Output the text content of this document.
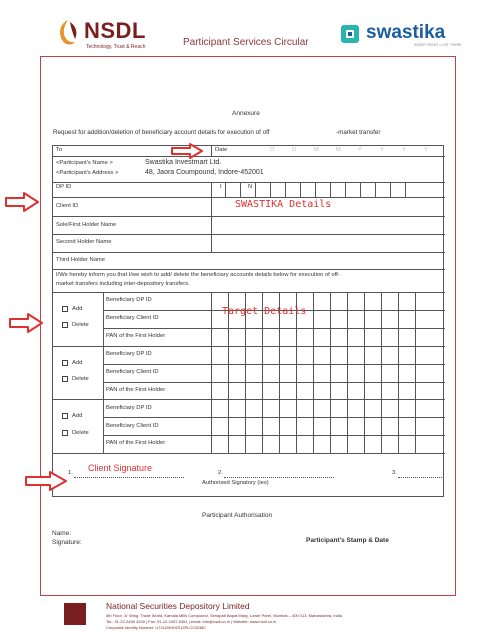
NSDL
Technology, Trust & Reach	Participant Services Circular	swastika
INVEST RIGHT • LIST THERE
Annexure
Request for addition/deletion of beneficiary account details for execution of off	-market transfer
To	Date	D	D	M	M	Y	Y	Y	Y
<Participant's Name >	Swastika Investmart Ltd.
<Participant's Address >	48, Jaora Coumpound, Indore-452001
DP ID	I	N
Client ID
Sole/First Holder Name
Second Holder Name
Third Holder Name
I/We hereby inform you that I/we wish to add/ delete the beneficiary accounts details below for execution of off-
market transfers including inter-depository transfers.
Add
Delete
Beneficiary DP ID
Beneficiary Client ID
PAN of the First Holder
Add
Delete
Beneficiary DP ID
Beneficiary Client ID
PAN of the First Holder
Add
Delete
Beneficiary DP ID
Beneficiary Client ID
PAN of the First Holder
1.	2.	3.
Authorised Signatory (ies)
Participant Authorisation
Name:
Signature:	Participant's Stamp & Date
SWASTIKA Details
Target Details
Client Signature
National Securities Depository Limited
4th Floor, 'A' Wing, Trade World, Kamala Mills Compound, Senapati Bapat Marg, Lower Parel, Mumbai – 400 013, Maharashtra, India
Tel.: 91-22-2499 4200 | Fax: 91-22-2497 6351 | email: info@nsdl.co.in | Website: www.nsdl.co.in
Corporate Identity Number: U74120MH2012PLC230380
